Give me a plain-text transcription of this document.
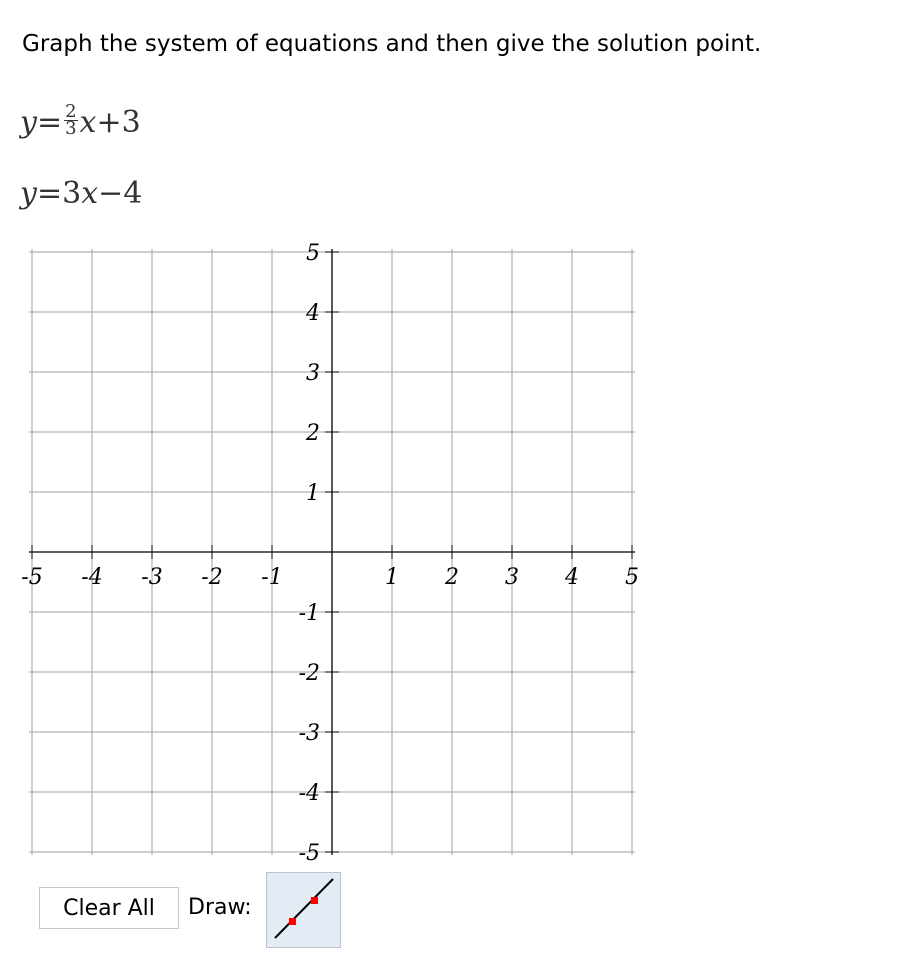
Graph the system of equations and then give the solution point.
$y= \frac{2}{3} x+3$
y=3x−4
-5 -4 -3 -2 -1	1 2 3 4 5
5
4
3
2
1
-1
-2
-3
-4
-5
Clear All	Draw:
